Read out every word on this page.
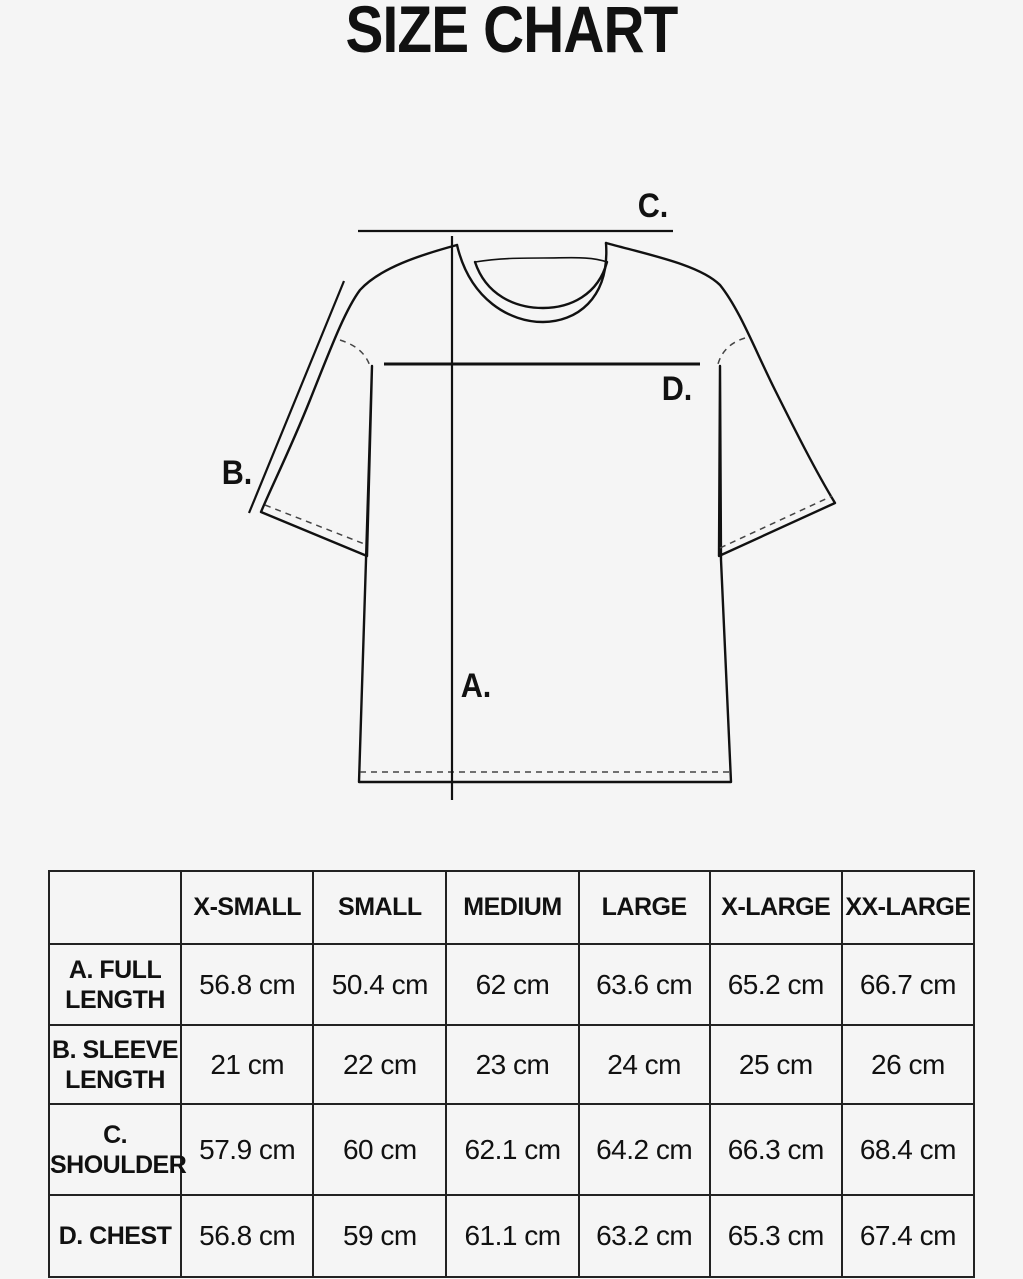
SIZE CHART
A.
B.
C.
D.
	X-SMALL	SMALL	MEDIUM	LARGE	X-LARGE	XX-LARGE

A. FULL
LENGTH	56.8 cm	50.4 cm	62 cm	63.6 cm	65.2 cm	66.7 cm

B. SLEEVE
LENGTH	21 cm	22 cm	23 cm	24 cm	25 cm	26 cm

C.
SHOULDER	57.9 cm	60 cm	62.1 cm	64.2 cm	66.3 cm	68.4 cm

D. CHEST	56.8 cm	59 cm	61.1 cm	63.2 cm	65.3 cm	67.4 cm
